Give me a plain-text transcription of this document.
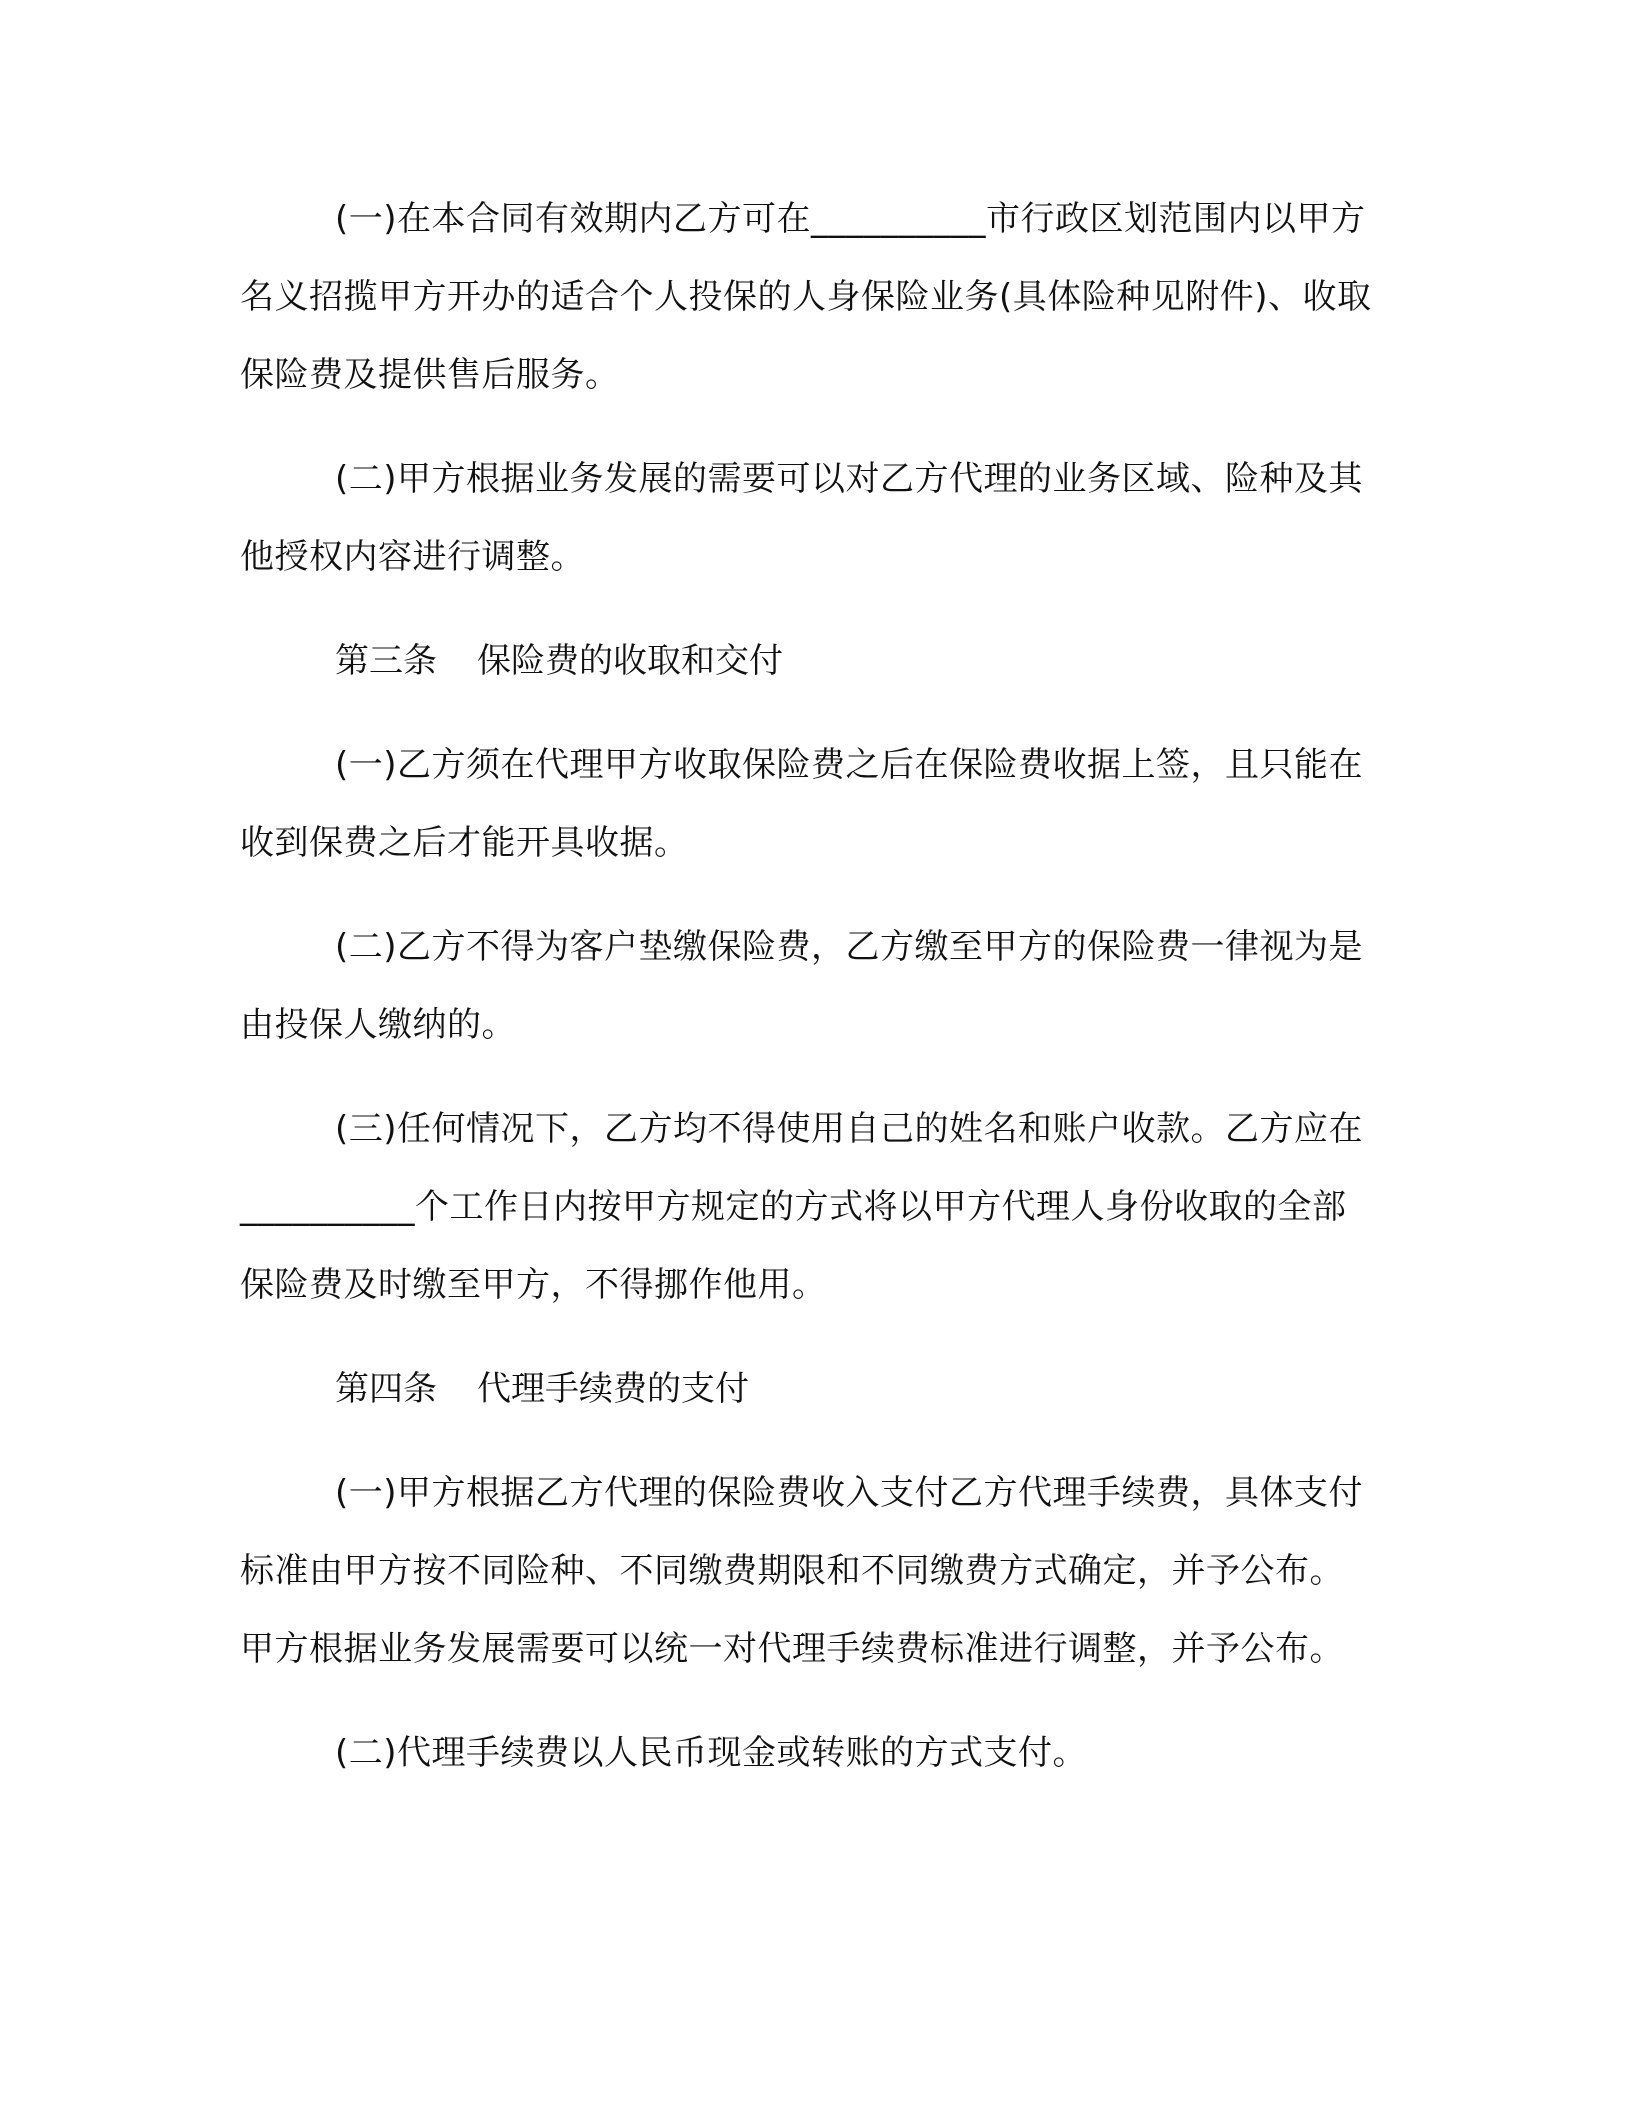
(一)在本合同有效期内乙方可在__________市行政区划范围内以甲方名义招揽甲方开办的适合个人投保的人身保险业务(具体险种见附件)、收取保险费及提供售后服务。

(二)甲方根据业务发展的需要可以对乙方代理的业务区域、险种及其他授权内容进行调整。

第三条 保险费的收取和交付

(一)乙方须在代理甲方收取保险费之后在保险费收据上签，且只能在收到保费之后才能开具收据。

(二)乙方不得为客户垫缴保险费，乙方缴至甲方的保险费一律视为是由投保人缴纳的。

(三)任何情况下，乙方均不得使用自己的姓名和账户收款。乙方应在__________个工作日内按甲方规定的方式将以甲方代理人身份收取的全部保险费及时缴至甲方，不得挪作他用。

第四条 代理手续费的支付

(一)甲方根据乙方代理的保险费收入支付乙方代理手续费，具体支付标准由甲方按不同险种、不同缴费期限和不同缴费方式确定，并予公布。甲方根据业务发展需要可以统一对代理手续费标准进行调整，并予公布。

(二)代理手续费以人民币现金或转账的方式支付。
